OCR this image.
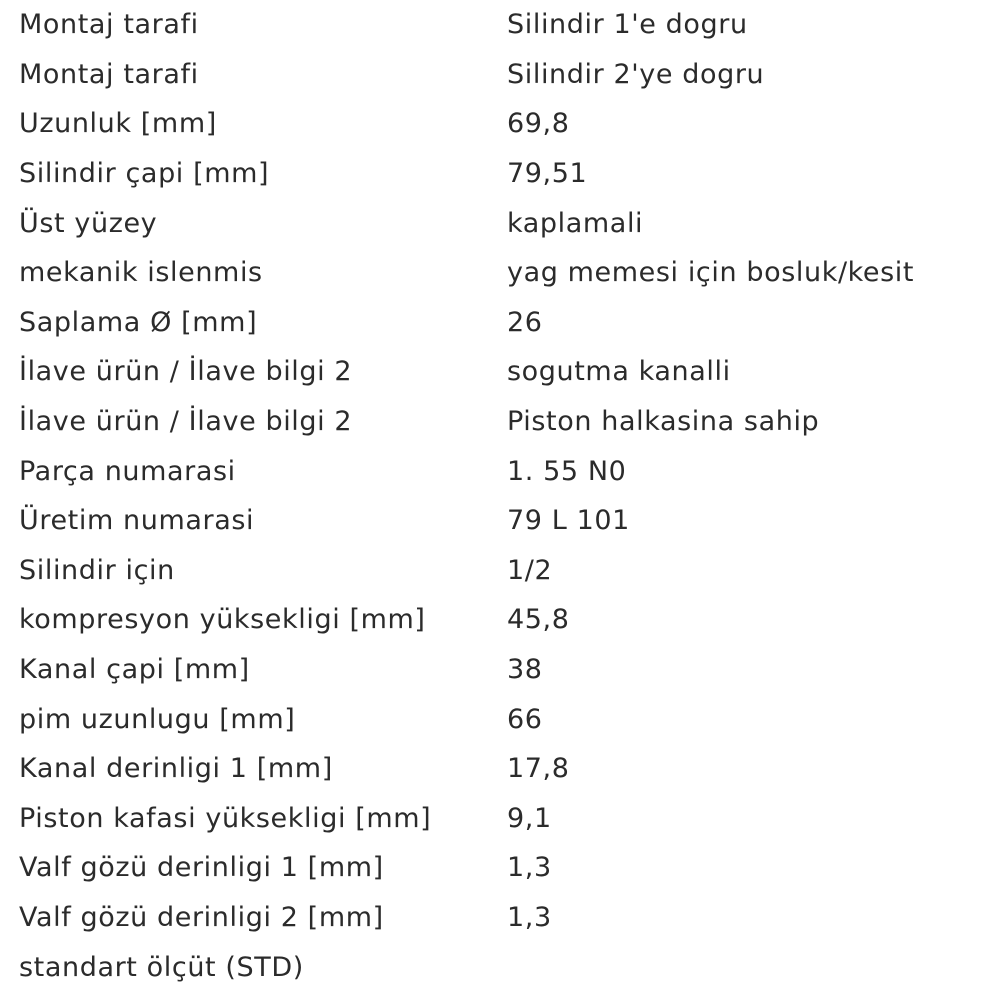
Montaj tarafi	Silindir 1'e dogru
Montaj tarafi	Silindir 2'ye dogru
Uzunluk [mm]	69,8
Silindir çapi [mm]	79,51
Üst yüzey	kaplamali
mekanik islenmis	yag memesi için bosluk/kesit
Saplama Ø [mm]	26
İlave ürün / İlave bilgi 2	sogutma kanalli
İlave ürün / İlave bilgi 2	Piston halkasina sahip
Parça numarasi	1. 55 N0
Üretim numarasi	79 L 101
Silindir için	1/2
kompresyon yüksekligi [mm]	45,8
Kanal çapi [mm]	38
pim uzunlugu [mm]	66
Kanal derinligi 1 [mm]	17,8
Piston kafasi yüksekligi [mm]	9,1
Valf gözü derinligi 1 [mm]	1,3
Valf gözü derinligi 2 [mm]	1,3
standart ölçüt (STD)	
